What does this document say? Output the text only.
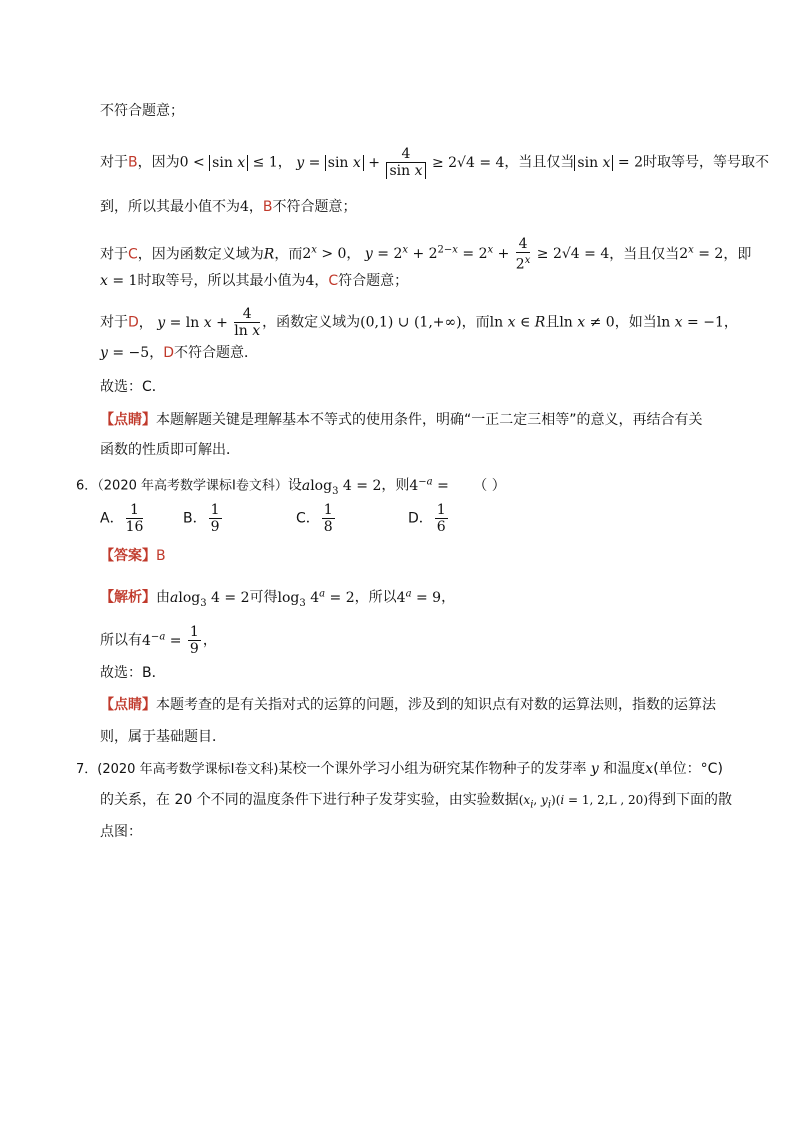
不符合题意；
对于B，因为0 < sin x ≤ 1， $y = \sin x + \frac{4}{\text{sin x}} \ge 2√4 = 4$，当且仅当 sin x = 2时取等号，等号取不
到，所以其最小值不为4，B不符合题意；
对于C，因为函数定义域为R，而$2^x > 0$， $y = 2^x + 2^{2-x} = 2^x + \frac{4}{2^x} \ge 2√4 = 4$，当且仅当$2^x = 2$，即
x = 1时取等号，所以其最小值为4，C符合题意；
对于D， $y = \ln x + \frac{4}{\text{ln x}}$ ，函数定义域为(0,1) ∪ (1,+∞)，而ln x ∈ R且ln x ≠ 0，如当ln x = −1，
y = −5，D不符合题意．
故选：C．
【点睛】本题解题关键是理解基本不等式的使用条件，明确“一正二定三相等”的意义，再结合有关
函数的性质即可解出．
6．（2020 年高考数学课标Ⅰ卷文科）设alog$_3$ 4 = 2，则$4^{-a}$ = （ ）
A． $\frac{1}{16}$	B． $\frac{1}{9}$	C． $\frac{1}{8}$	D． $\frac{1}{6}$
【答案】B
【解析】由alog$_3$ 4 = 2可得$\log_3 4^a = 2$，所以$4^a = 9$，
所以有$4^{-a} = \frac{1}{9}$ ，
故选：B．
【点睛】本题考查的是有关指对式的运算的问题，涉及到的知识点有对数的运算法则，指数的运算法
则，属于基础题目．
7．(2020 年高考数学课标Ⅰ卷文科)某校一个课外学习小组为研究某作物种子的发芽率 y 和温度x(单位：°C)
的关系，在 20 个不同的温度条件下进行种子发芽实验，由实验数据($x_i$, $y_i)(i = 1$, 2,L , 20)得到下面的散
点图：
